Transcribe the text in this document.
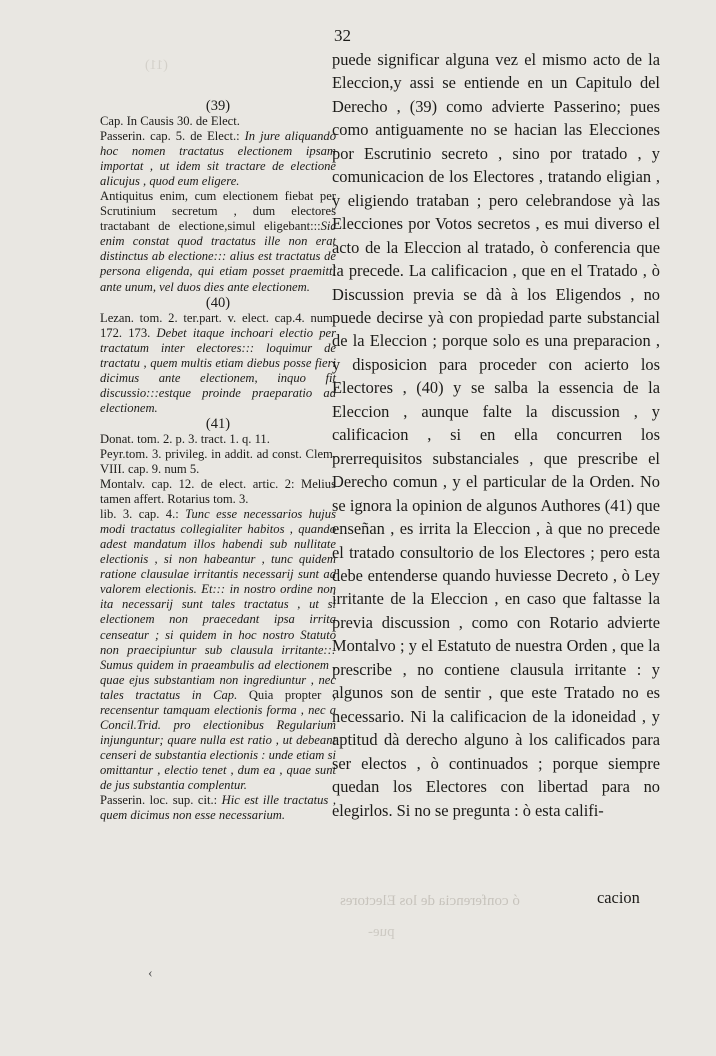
(11)
32

(39)

Cap. In Causis 30. de Elect.

Passerin. cap. 5. de Elect.: In jure aliquando hoc nomen tractatus electionem ipsam importat , ut idem sit tractare de electione alicujus , quod eum eligere.

Antiquitus enim, cum electionem fiebat per Scrutinium secretum , dum electores tractabant de electione,simul eligebant:::Sic enim constat quod tractatus ille non erat distinctus ab electione::: alius est tractatus de persona eligenda, qui etiam posset praemitti ante unum, vel duos dies ante electionem.

(40)

Lezan. tom. 2. ter.part. v. elect. cap.4. num. 172. 173. Debet itaque inchoari electio per tractatum inter electores::: loquimur de tractatu , quem multis etiam diebus posse fieri dicimus ante electionem, inquo fit discussio:::estque proinde praeparatio ad electionem.

(41)

Donat. tom. 2. p. 3. tract. 1. q. 11.

Peyr.tom. 3. privileg. in addit. ad const. Clem. VIII. cap. 9. num 5.

Montalv. cap. 12. de elect. artic. 2: Melius tamen affert. Rotarius tom. 3.

lib. 3. cap. 4.: Tunc esse necessarios hujus modi tractatus collegialiter habitos , quando adest mandatum illos habendi sub nullitate electionis , si non habeantur , tunc quidem ratione clausulae irritantis necessarij sunt ad valorem electionis. Et::: in nostro ordine non ita necessarij sunt tales tractatus , ut si electionem non praecedant ipsa irrita censeatur ; si quidem in hoc nostro Statuto non praecipiuntur sub clausula irritante::: Sumus quidem in praeambulis ad electionem , quae ejus substantiam non ingrediuntur , nec tales tractatus in Cap. Quia propter , recensentur tamquam electionis forma , nec a Concil.Trid. pro electionibus Regularium injunguntur; quare nulla est ratio , ut debeant censeri de substantia electionis : unde etiam si omittantur , electio tenet , dum ea , quae sunt de jus substantia complentur.

Passerin. loc. sup. cit.: Hic est ille tractatus , quem dicimus non esse necessarium.

puede significar alguna vez el mismo acto de la Eleccion,y assi se entiende en un Capitulo del Derecho , (39) como advierte Passerino; pues como antiguamente no se hacian las Elecciones por Escrutinio secreto , sino por tratado , y comunicacion de los Electores , tratando eligian , y eligiendo trataban ; pero celebrandose yà las Elecciones por Votos secretos , es mui diverso el acto de la Eleccion al tratado, ò conferencia que la precede. La calificacion , que en el Tratado , ò Discussion previa se dà à los Eligendos , no puede decirse yà con propiedad parte substancial de la Eleccion ; porque solo es una preparacion , y disposicion para proceder con acierto los Electores , (40) y se salba la essencia de la Eleccion , aunque falte la discussion , y calificacion , si en ella concurren los prerrequisitos substanciales , que prescribe el Derecho comun , y el particular de la Orden. No se ignora la opinion de algunos Authores (41) que enseñan , es irrita la Eleccion , à que no precede el tratado consultorio de los Electores ; pero esta debe entenderse quando huviesse Decreto , ò Ley irritante de la Eleccion , en caso que faltasse la previa discussion , como con Rotario advierte Montalvo ; y el Estatuto de nuestra Orden , que la prescribe , no contiene clausula irritante : y algunos son de sentir , que este Tratado no es necessario. Ni la calificacion de la idoneidad , y aptitud dà derecho alguno à los calificados para ser electos , ò continuados ; porque siempre quedan los Electores con libertad para no elegirlos. Si no se pregunta : ò esta califi-

ó conferencia de los Electores
pue-
cacion
‹
